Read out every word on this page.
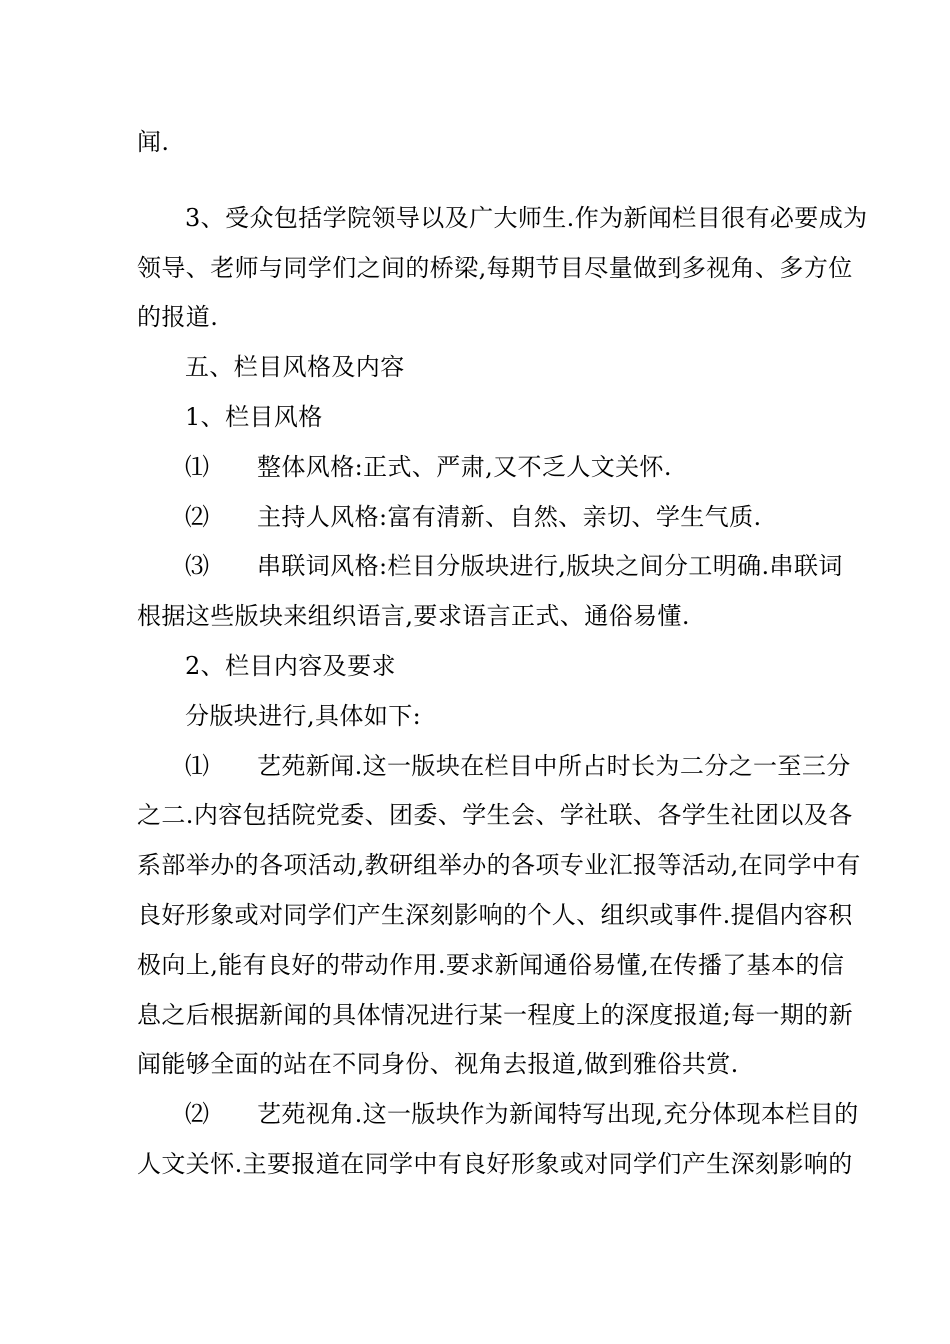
闻.
3、受众包括学院领导以及广大师生.作为新闻栏目很有必要成为
领导、老师与同学们之间的桥梁,每期节目尽量做到多视角、多方位
的报道.
五、栏目风格及内容
1、栏目风格
⑴ 整体风格:正式、严肃,又不乏人文关怀.
⑵ 主持人风格:富有清新、自然、亲切、学生气质.
⑶ 串联词风格:栏目分版块进行,版块之间分工明确.串联词
根据这些版块来组织语言,要求语言正式、通俗易懂.
2、栏目内容及要求
分版块进行,具体如下:
⑴ 艺苑新闻.这一版块在栏目中所占时长为二分之一至三分
之二.内容包括院党委、团委、学生会、学社联、各学生社团以及各
系部举办的各项活动,教研组举办的各项专业汇报等活动,在同学中有
良好形象或对同学们产生深刻影响的个人、组织或事件.提倡内容积
极向上,能有良好的带动作用.要求新闻通俗易懂,在传播了基本的信
息之后根据新闻的具体情况进行某一程度上的深度报道;每一期的新
闻能够全面的站在不同身份、视角去报道,做到雅俗共赏.
⑵ 艺苑视角.这一版块作为新闻特写出现,充分体现本栏目的
人文关怀.主要报道在同学中有良好形象或对同学们产生深刻影响的
